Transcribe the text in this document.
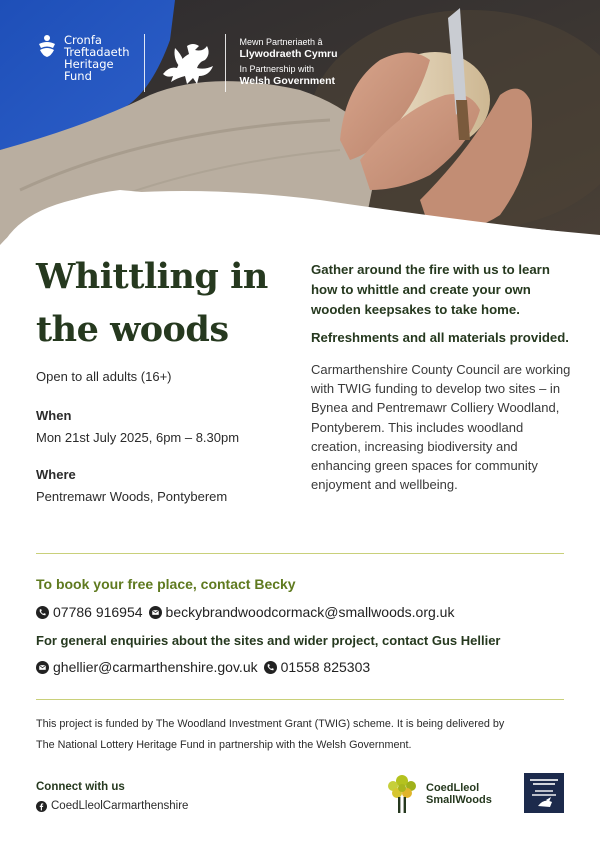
Cronfa
Treftadaeth
Heritage
Fund
Mewn Partneriaeth â
Llywodraeth Cymru
In Partnership with
Welsh Government
Whittling in
the woods
Open to all adults (16+)
When
Mon 21st July 2025, 6pm – 8.30pm
Where
Pentremawr Woods, Pontyberem

Gather around the fire with us to learn how to whittle and create your own wooden keepsakes to take home.

Refreshments and all materials provided.

Carmarthenshire County Council are working with TWIG funding to develop two sites – in Bynea and Pentremawr Colliery Woodland, Pontyberem. This includes woodland creation, increasing biodiversity and enhancing green spaces for community enjoyment and wellbeing.

To book your free place, contact Becky
07786 916954 beckybrandwoodcormack@smallwoods.org.uk
For general enquiries about the sites and wider project, contact Gus Hellier
ghellier@carmarthenshire.gov.uk 01558 825303
This project is funded by The Woodland Investment Grant (TWIG) scheme. It is being delivered by
The National Lottery Heritage Fund in partnership with the Welsh Government.
Connect with us
CoedLleolCarmarthenshire
CoedLleol
SmallWoods
